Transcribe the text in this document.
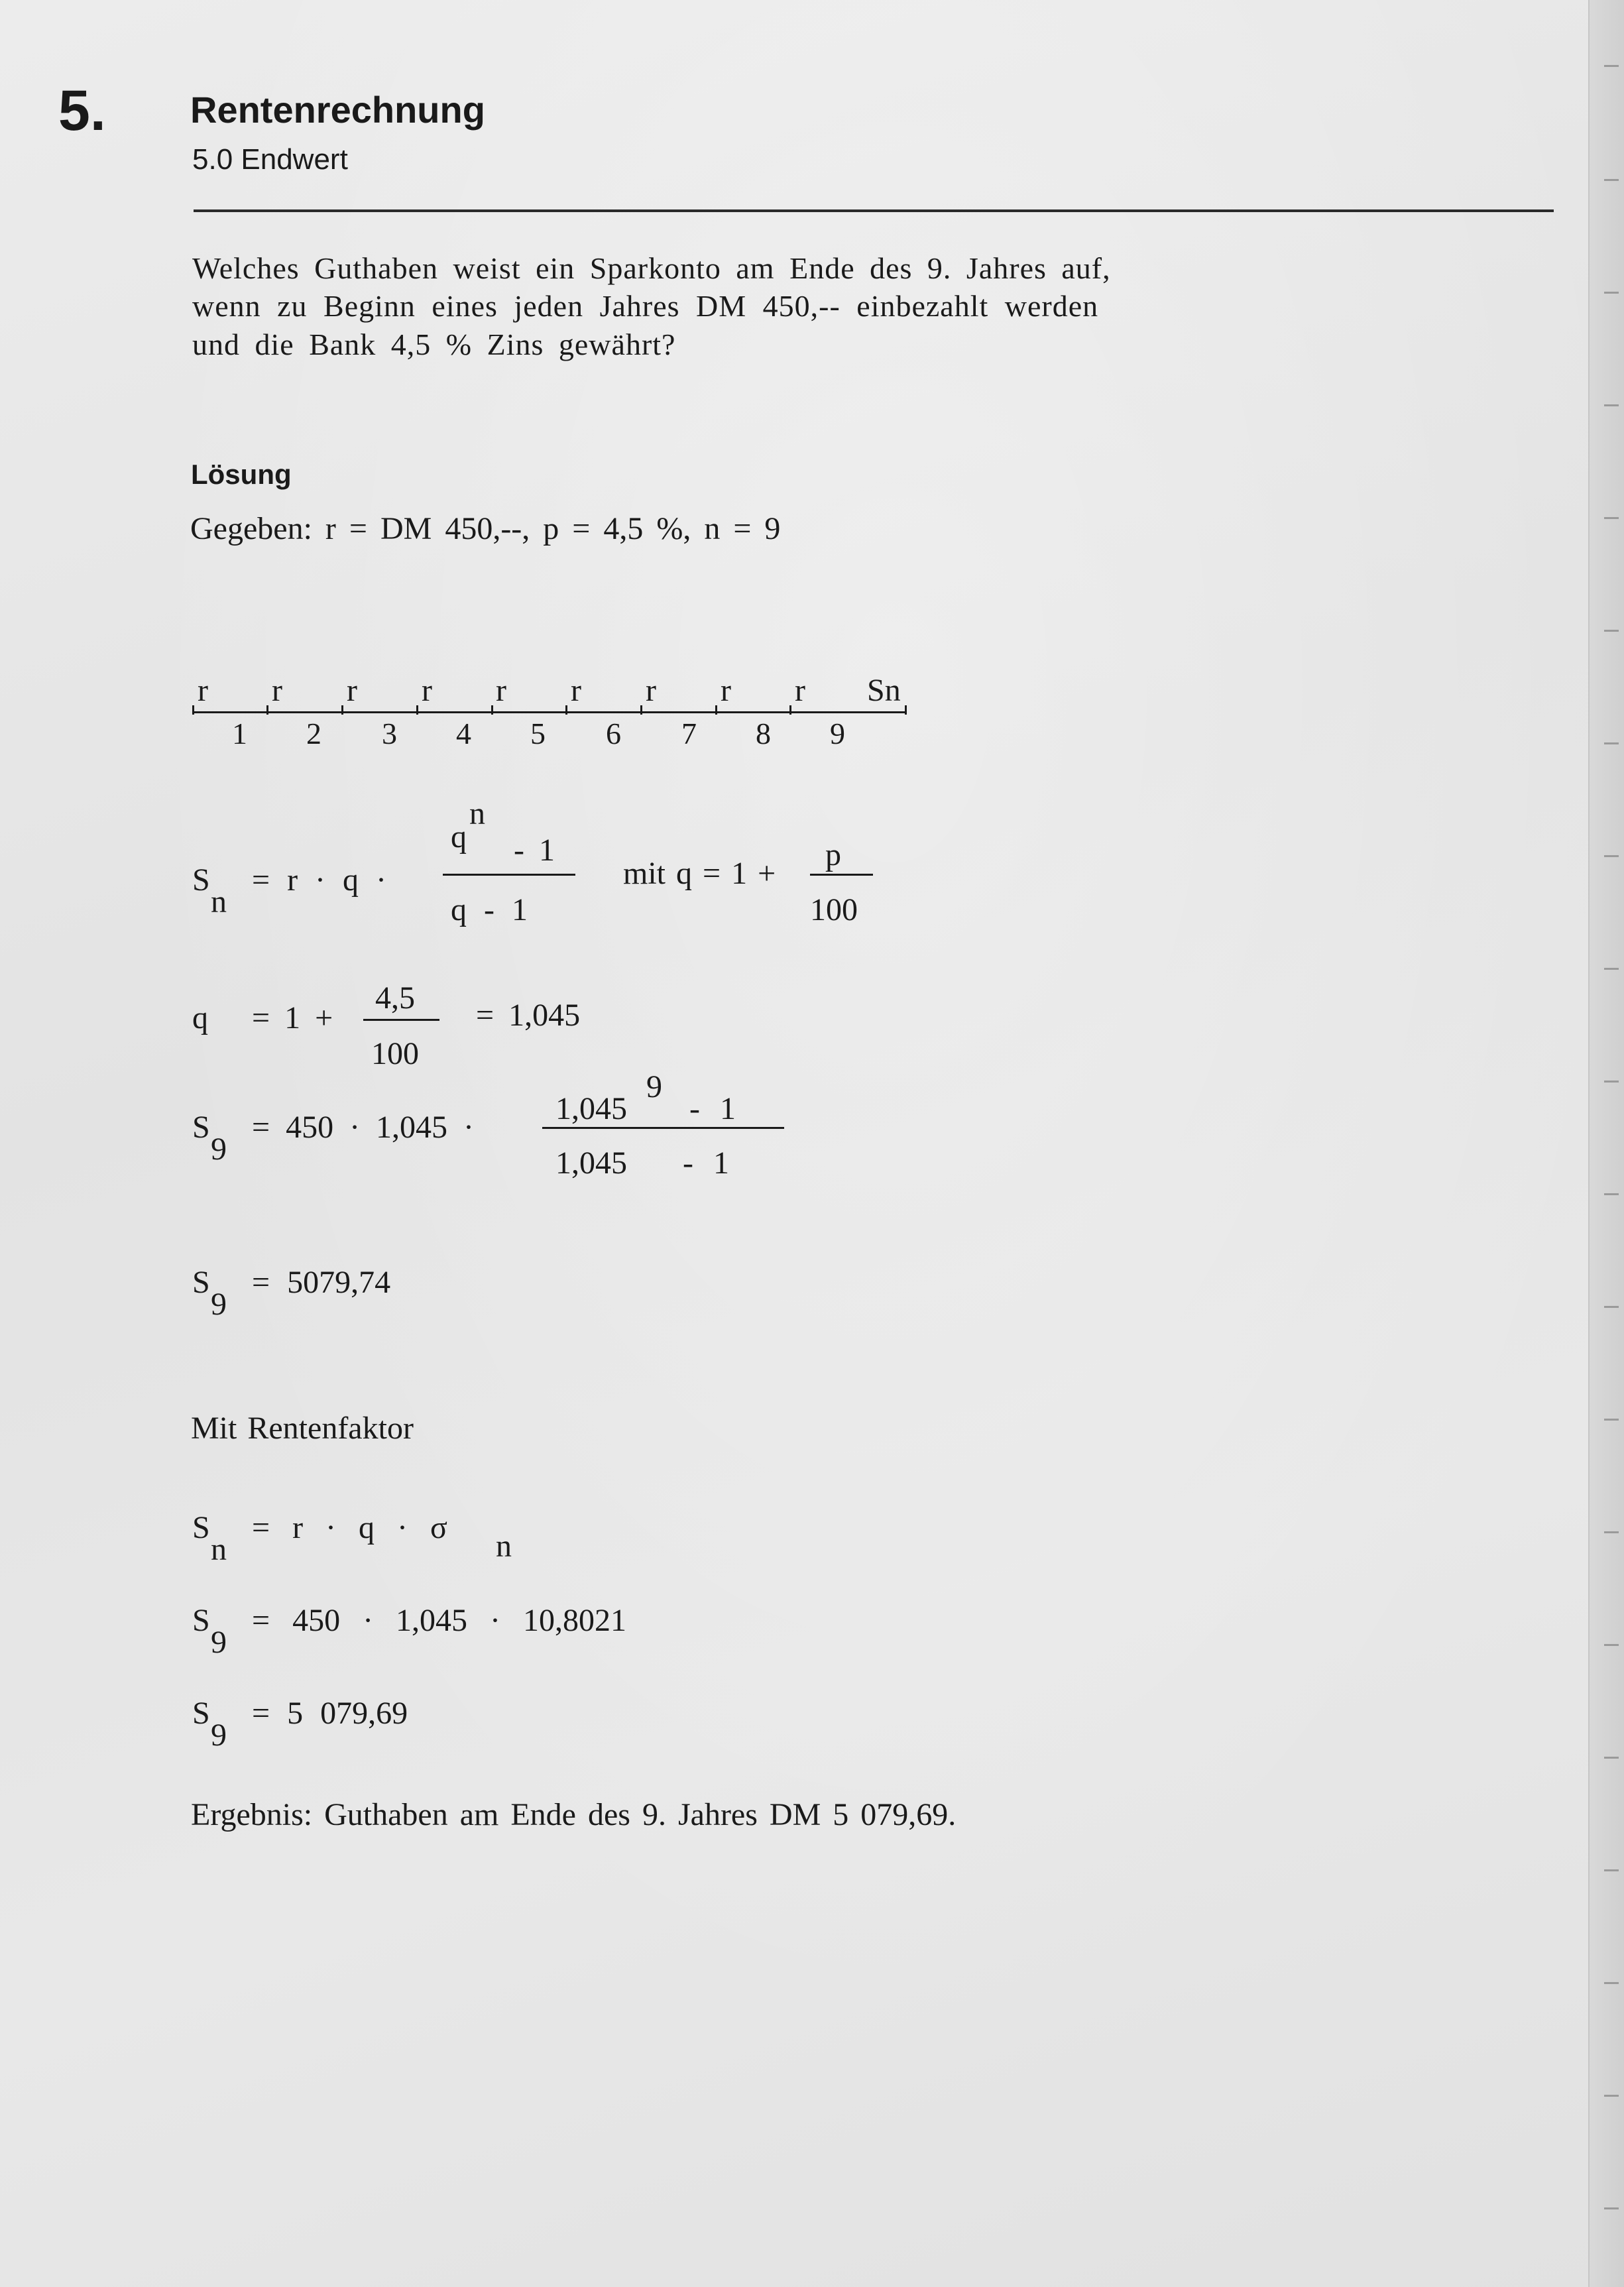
5. Rentenrechnung
5.0 Endwert
Welches Guthaben weist ein Sparkonto am Ende des 9. Jahres auf,
wenn zu Beginn eines jeden Jahres DM 450,-- einbezahlt werden
und die Bank 4,5 % Zins gewährt?
Lösung
Gegeben: r = DM 450,--, p = 4,5 %, n = 9
r r r r r r r r r Sn
1 2 3 4 5 6 7 8 9
S
n
= r · q ·
q
n
- 1
q - 1
mit q = 1 +
p
100
q = 1 +
4,5
100
= 1,045
S
9
= 450 · 1,045 ·
1,045
9
- 1
1,045 - 1
S
9
= 5079,74
Mit Rentenfaktor
S
n
= r · q · σ
n
S
9
= 450 · 1,045 · 10,8021
S
9
= 5 079,69
Ergebnis: Guthaben am Ende des 9. Jahres DM 5 079,69.
